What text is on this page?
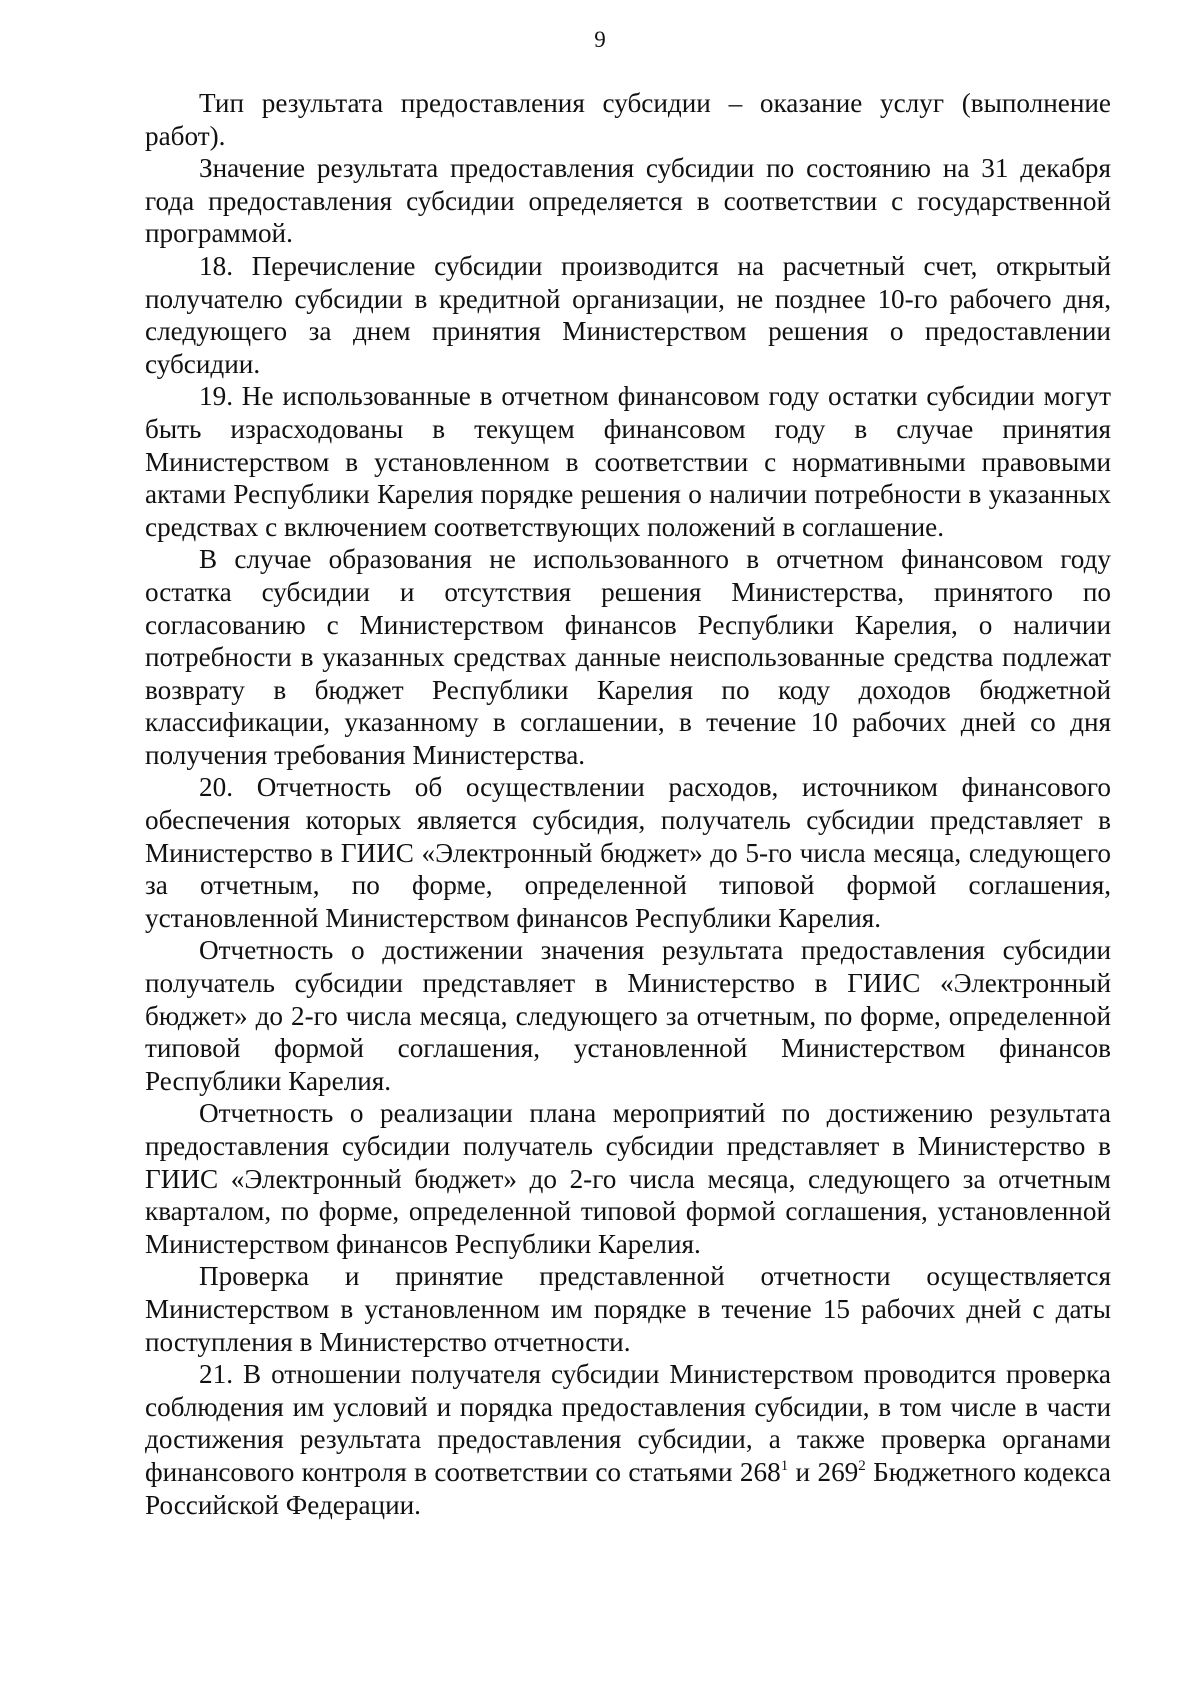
9

Тип результата предоставления субсидии – оказание услуг (выполнение работ).

Значение результата предоставления субсидии по состоянию на 31 декабря года предоставления субсидии определяется в соответствии с государственной программой.

18. Перечисление субсидии производится на расчетный счет, открытый получателю субсидии в кредитной организации, не позднее 10-го рабочего дня, следующего за днем принятия Министерством решения о предоставлении субсидии.

19. Не использованные в отчетном финансовом году остатки субсидии могут быть израсходованы в текущем финансовом году в случае принятия Министерством в установленном в соответствии с нормативными правовыми актами Республики Карелия порядке решения о наличии потребности в указанных средствах с включением соответствующих положений в соглашение.

В случае образования не использованного в отчетном финансовом году остатка субсидии и отсутствия решения Министерства, принятого по согласованию с Министерством финансов Республики Карелия, о наличии потребности в указанных средствах данные неиспользованные средства подлежат возврату в бюджет Республики Карелия по коду доходов бюджетной классификации, указанному в соглашении, в течение 10 рабочих дней со дня получения требования Министерства.

20. Отчетность об осуществлении расходов, источником финансового обеспечения которых является субсидия, получатель субсидии представляет в Министерство в ГИИС «Электронный бюджет» до 5-го числа месяца, следующего за отчетным, по форме, определенной типовой формой соглашения, установленной Министерством финансов Республики Карелия.

Отчетность о достижении значения результата предоставления субсидии получатель субсидии представляет в Министерство в ГИИС «Электронный бюджет» до 2-го числа месяца, следующего за отчетным, по форме, определенной типовой формой соглашения, установленной Министерством финансов Республики Карелия.

Отчетность о реализации плана мероприятий по достижению результата предоставления субсидии получатель субсидии представляет в Министерство в ГИИС «Электронный бюджет» до 2-го числа месяца, следующего за отчетным кварталом, по форме, определенной типовой формой соглашения, установленной Министерством финансов Республики Карелия.

Проверка и принятие представленной отчетности осуществляется Министерством в установленном им порядке в течение 15 рабочих дней с даты поступления в Министерство отчетности.

21. В отношении получателя субсидии Министерством проводится проверка соблюдения им условий и порядка предоставления субсидии, в том числе в части достижения результата предоставления субсидии, а также проверка органами финансового контроля в соответствии со статьями $268^1$ и $269^2$ Бюджетного кодекса Российской Федерации.
